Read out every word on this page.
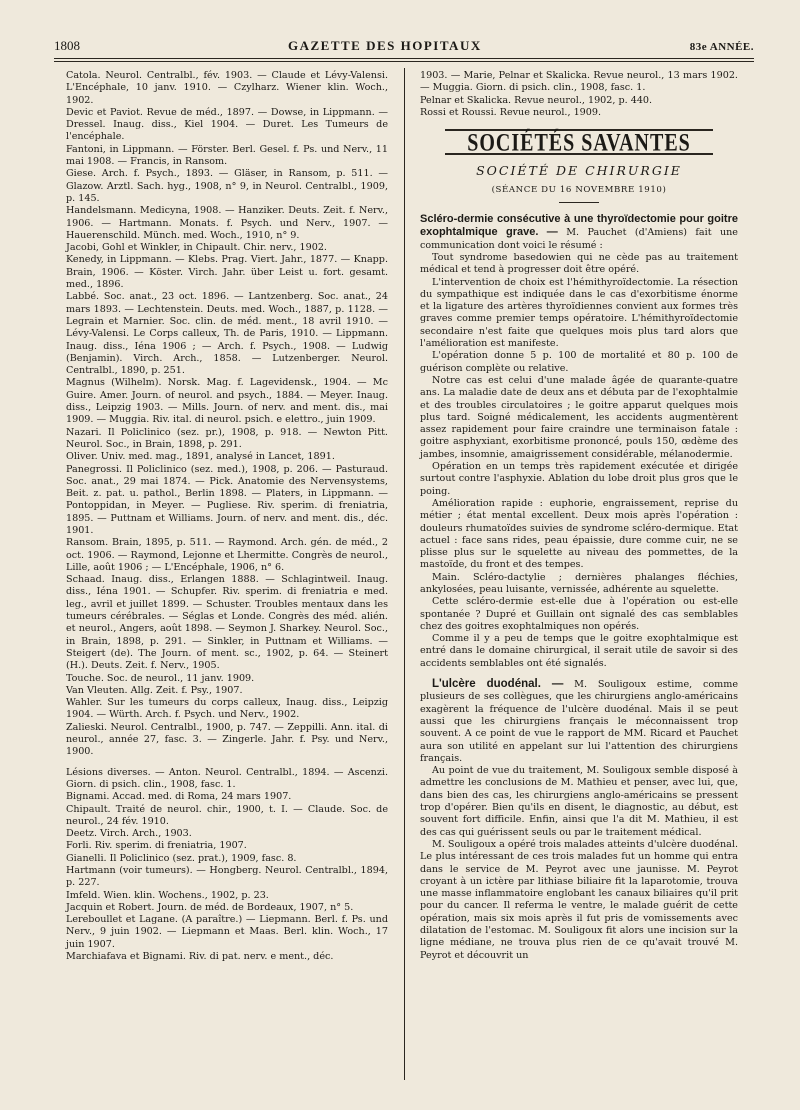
1808	GAZETTE DES HOPITAUX	83e ANNÉE.

Catola. Neurol. Centralbl., fév. 1903. — Claude et Lévy-Valensi. L'Encéphale, 10 janv. 1910. — Czylharz. Wiener klin. Woch., 1902.

Devic et Paviot. Revue de méd., 1897. — Dowse, in Lippmann. — Dressel. Inaug. diss., Kiel 1904. — Duret. Les Tumeurs de l'encéphale.

Fantoni, in Lippmann. — Förster. Berl. Gesel. f. Ps. und Nerv., 11 mai 1908. — Francis, in Ransom.

Giese. Arch. f. Psych., 1893. — Gläser, in Ransom, p. 511. — Glazow. Arztl. Sach. hyg., 1908, n° 9, in Neurol. Centralbl., 1909, p. 145.

Handelsmann. Medicyna, 1908. — Hanziker. Deuts. Zeit. f. Nerv., 1906. — Hartmann. Monats. f. Psych. und Nerv., 1907. — Hauerenschild. Münch. med. Woch., 1910, n° 9.

Jacobi, Gohl et Winkler, in Chipault. Chir. nerv., 1902.

Kenedy, in Lippmann. — Klebs. Prag. Viert. Jahr., 1877. — Knapp. Brain, 1906. — Köster. Virch. Jahr. über Leist u. fort. gesamt. med., 1896.

Labbé. Soc. anat., 23 oct. 1896. — Lantzenberg. Soc. anat., 24 mars 1893. — Lechtenstein. Deuts. med. Woch., 1887, p. 1128. — Legrain et Marnier. Soc. clin. de méd. ment., 18 avril 1910. — Lévy-Valensi. Le Corps calleux, Th. de Paris, 1910. — Lippmann. Inaug. diss., Iéna 1906 ; — Arch. f. Psych., 1908. — Ludwig (Benjamin). Virch. Arch., 1858. — Lutzenberger. Neurol. Centralbl., 1890, p. 251.

Magnus (Wilhelm). Norsk. Mag. f. Lagevidensk., 1904. — Mc Guire. Amer. Journ. of neurol. and psych., 1884. — Meyer. Inaug. diss., Leipzig 1903. — Mills. Journ. of nerv. and ment. dis., mai 1909. — Muggia. Riv. ital. di neurol. psich. e elettro., juin 1909.

Nazari. Il Policlinico (sez. pr.), 1908, p. 918. — Newton Pitt. Neurol. Soc., in Brain, 1898, p. 291.

Oliver. Univ. med. mag., 1891, analysé in Lancet, 1891.

Panegrossi. Il Policlinico (sez. med.), 1908, p. 206. — Pasturaud. Soc. anat., 29 mai 1874. — Pick. Anatomie des Nervensystems, Beit. z. pat. u. pathol., Berlin 1898. — Platers, in Lippmann. — Pontoppidan, in Meyer. — Pugliese. Riv. sperim. di freniatria, 1895. — Puttnam et Williams. Journ. of nerv. and ment. dis., déc. 1901.

Ransom. Brain, 1895, p. 511. — Raymond. Arch. gén. de méd., 2 oct. 1906. — Raymond, Lejonne et Lhermitte. Congrès de neurol., Lille, août 1906 ; — L'Encéphale, 1906, n° 6.

Schaad. Inaug. diss., Erlangen 1888. — Schlagintweil. Inaug. diss., Iéna 1901. — Schupfer. Riv. sperim. di freniatria e med. leg., avril et juillet 1899. — Schuster. Troubles mentaux dans les tumeurs cérébrales. — Séglas et Londe. Congrès des méd. alién. et neurol., Angers, août 1898. — Seymon J. Sharkey. Neurol. Soc., in Brain, 1898, p. 291. — Sinkler, in Puttnam et Williams. — Steigert (de). The Journ. of ment. sc., 1902, p. 64. — Steinert (H.). Deuts. Zeit. f. Nerv., 1905.

Touche. Soc. de neurol., 11 janv. 1909.

Van Vleuten. Allg. Zeit. f. Psy., 1907.

Wahler. Sur les tumeurs du corps calleux, Inaug. diss., Leipzig 1904. — Würth. Arch. f. Psych. und Nerv., 1902.

Zalieski. Neurol. Centralbl., 1900, p. 747. — Zeppilli. Ann. ital. di neurol., année 27, fasc. 3. — Zingerle. Jahr. f. Psy. und Nerv., 1900.

Lésions diverses. — Anton. Neurol. Centralbl., 1894. — Ascenzi. Giorn. di psich. clin., 1908, fasc. 1.

Bignami. Accad. med. di Roma, 24 mars 1907.

Chipault. Traité de neurol. chir., 1900, t. I. — Claude. Soc. de neurol., 24 fév. 1910.

Deetz. Virch. Arch., 1903.

Forli. Riv. sperim. di freniatria, 1907.

Gianelli. Il Policlinico (sez. prat.), 1909, fasc. 8.

Hartmann (voir tumeurs). — Hongberg. Neurol. Centralbl., 1894, p. 227.

Imfeld. Wien. klin. Wochens., 1902, p. 23.

Jacquin et Robert. Journ. de méd. de Bordeaux, 1907, n° 5.

Lereboullet et Lagane. (A paraître.) — Liepmann. Berl. f. Ps. und Nerv., 9 juin 1902. — Liepmann et Maas. Berl. klin. Woch., 17 juin 1907.

Marchiafava et Bignami. Riv. di pat. nerv. e ment., déc.

1903. — Marie, Pelnar et Skalicka. Revue neurol., 13 mars 1902. — Muggia. Giorn. di psich. clin., 1908, fasc. 1.

Pelnar et Skalicka. Revue neurol., 1902, p. 440.

Rossi et Roussi. Revue neurol., 1909.

SOCIÉTÉS SAVANTES
SOCIÉTÉ DE CHIRURGIE
(SÉANCE DU 16 NOVEMBRE 1910)

Scléro-dermie consécutive à une thyroïdectomie pour goitre exophtalmique grave. — M. Pauchet (d'Amiens) fait une communication dont voici le résumé :

Tout syndrome basedowien qui ne cède pas au traitement médical et tend à progresser doit être opéré.

L'intervention de choix est l'hémithyroïdectomie. La résection du sympathique est indiquée dans le cas d'exorbitisme énorme et la ligature des artères thyroïdiennes convient aux formes très graves comme premier temps opératoire. L'hémithyroïdectomie secondaire n'est faite que quelques mois plus tard alors que l'amélioration est manifeste.

L'opération donne 5 p. 100 de mortalité et 80 p. 100 de guérison complète ou relative.

Notre cas est celui d'une malade âgée de quarante-quatre ans. La maladie date de deux ans et débuta par de l'exophtalmie et des troubles circulatoires ; le goitre apparut quelques mois plus tard. Soigné médicalement, les accidents augmentèrent assez rapidement pour faire craindre une terminaison fatale : goitre asphyxiant, exorbitisme prononcé, pouls 150, œdème des jambes, insomnie, amaigrissement considérable, mélanodermie.

Opération en un temps très rapidement exécutée et dirigée surtout contre l'asphyxie. Ablation du lobe droit plus gros que le poing.

Amélioration rapide : euphorie, engraissement, reprise du métier ; état mental excellent. Deux mois après l'opération : douleurs rhumatoïdes suivies de syndrome scléro-dermique. Etat actuel : face sans rides, peau épaissie, dure comme cuir, ne se plisse plus sur le squelette au niveau des pommettes, de la mastoïde, du front et des tempes.

Main. Scléro-dactylie ; dernières phalanges fléchies, ankylosées, peau luisante, vernissée, adhérente au squelette.

Cette scléro-dermie est-elle due à l'opération ou est-elle spontanée ? Dupré et Guillain ont signalé des cas semblables chez des goitres exophtalmiques non opérés.

Comme il y a peu de temps que le goitre exophtalmique est entré dans le domaine chirurgical, il serait utile de savoir si des accidents semblables ont été signalés.

L'ulcère duodénal. — M. Souligoux estime, comme plusieurs de ses collègues, que les chirurgiens anglo-américains exagèrent la fréquence de l'ulcère duodénal. Mais il se peut aussi que les chirurgiens français le méconnaissent trop souvent. A ce point de vue le rapport de MM. Ricard et Pauchet aura son utilité en appelant sur lui l'attention des chirurgiens français.

Au point de vue du traitement, M. Souligoux semble disposé à admettre les conclusions de M. Mathieu et penser, avec lui, que, dans bien des cas, les chirurgiens anglo-américains se pressent trop d'opérer. Bien qu'ils en disent, le diagnostic, au début, est souvent fort difficile. Enfin, ainsi que l'a dit M. Mathieu, il est des cas qui guérissent seuls ou par le traitement médical.

M. Souligoux a opéré trois malades atteints d'ulcère duodénal. Le plus intéressant de ces trois malades fut un homme qui entra dans le service de M. Peyrot avec une jaunisse. M. Peyrot croyant à un ictère par lithiase biliaire fit la laparotomie, trouva une masse inflammatoire englobant les canaux biliaires qu'il prit pour du cancer. Il referma le ventre, le malade guérit de cette opération, mais six mois après il fut pris de vomissements avec dilatation de l'estomac. M. Souligoux fit alors une incision sur la ligne médiane, ne trouva plus rien de ce qu'avait trouvé M. Peyrot et découvrit un
